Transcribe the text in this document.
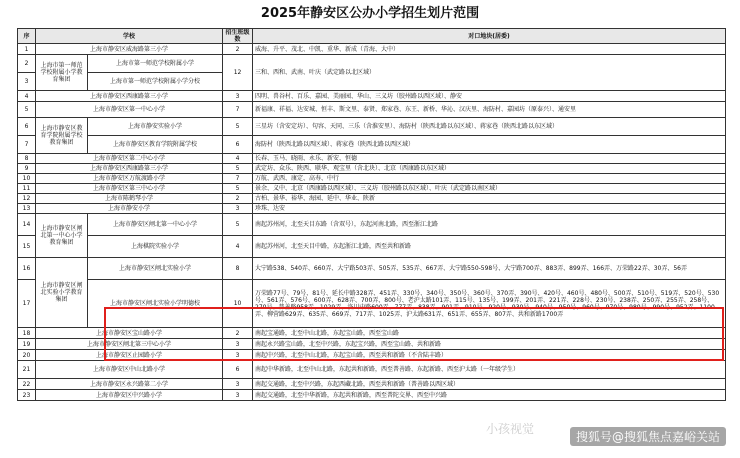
2025年静安区公办小学招生划片范围
序	学校		招生班级数	对口地块(居委)
1	上海市静安区威海路第三小学		2	威海、升平、茂北、中凯、重华、新成（青海、大中）
2	上海市第一师范学校附属小学教育集团	上海市第一师范学校附属小学	12	三和、西和、武南、叶庆（武定路以北区域）
3		上海市第一师范学校附属小学分校		
4	上海市静安区西康路第三小学		3	四明、兽谷村、百乐、嘉园、美丽园、华山、三义坊（胶州路以西区域）、静安
5	上海市静安区第一中心小学		7	新福康、祥福、达安城、恒丰、斯文里、泰贤、郑家巷、东王、新桥、华沁、汉庆里、海防村、嘉园坊（原泰兴）、通安里
6	上海市静安区教育学院附属学校教育集团	上海市静安实验小学	5	三星坊（含安定坊）、句容、天同、三乐（含淮安里）、海防村（陕西北路以东区域）、蒋家巷（陕西北路以东区域）
7		上海市静安区教育学院附属学校	6	海防村（陕西北路以西区域）、蒋家巷（陕西北路以西区域）
8	上海市静安区第二中心小学		4	长春、玉马、晓雨、永乐、新安、恒德
9	上海市静安区西康路第三小学		5	武定坊、众乐、陕西、联华、观宝里（含北块）、北京（西康路以东区域）
10	上海市静安区万航渡路小学		7	万航、武西、康定、高寿、中行
11	上海市静安区第三中心小学		5	景余、义中、北京（西康路以西区域）、三义坊（胶州路以东区域）、叶庆（武定路以南区域）
12	上海市陈鹤琴小学		2	古柏、景华、裕华、海园、延中、华业、陕新
13	上海市静安小学		3	珍珠、达安
14	上海市静安区闸北第一中心小学教育集团	上海市静安区闸北第一中心小学	5	南起苏州河，北至天目东路（含双号），东起河南北路，西至浙江北路
15		上海棋院实验小学	4	南起苏州河，北至天目中路，东起浙江北路，西至共和新路
16	上海市静安区闸北实验小学教育集团	上海市静安区闸北实验小学	8	大宁路538、540弄、660弄、大宁路503弄、505弄、535弄、667弄、大宁路550-598号、大宁路700弄、883弄、899弄、166弄、万荣路22弄、30弄、56弄
17		上海市静安区闸北实验小学明德校	10	万荣路77号、79号、81号、延长中路328弄、451弄、330号、340号、350号、360号、370弄、390号、420号、460号、480号、500弄、510号、519弄、520号、530号、561弄、576号、600弄、628弄、700弄、800号、老沪太路101弄、115号、135号、199弄、201弄、221弄、228号、230号、238弄、250弄、255弄、258号、270号、普善路958弄、1029弄、洛川中路600弄、777弄、838弄、901弄、910号、920号、930号、940号、950号、960号、970号、980号、990号、952弄、1100弄、柳营路629弄、635弄、669弄、717弄、1025弄、沪太路631弄、651弄、655弄、807弄、共和新路1700弄
18	上海市静安区宝山路小学		2	南起宝通路，北至中山北路，东起宝山路，西至宝山路
19	上海市静安区闸北第三中心小学		3	南起永兴路宝山路，北至中兴路，东起宝兴路，西至宝山路、共和新路
20	上海市静安区止园路小学		3	南起中兴路，北至中山北路，东起宝山路，西至共和新路（不含陆丰路）
21	上海市静安区中山北路小学		6	南起中华新路，北至中山北路，东起共和新路，西至普善路、东起新路、西至沪太路（一年级学生）
22	上海市静安区永兴路第二小学		3	南起交通路，北至中兴路，东起西藏北路，西至共和新路（普善路以西区域）
23	上海市静安区中兴路小学		3	南起交通路，北至中华新路，东起共和新路，西至普陀交界、西至中兴路
小孩视觉
搜狐号@搜狐焦点嘉峪关站
